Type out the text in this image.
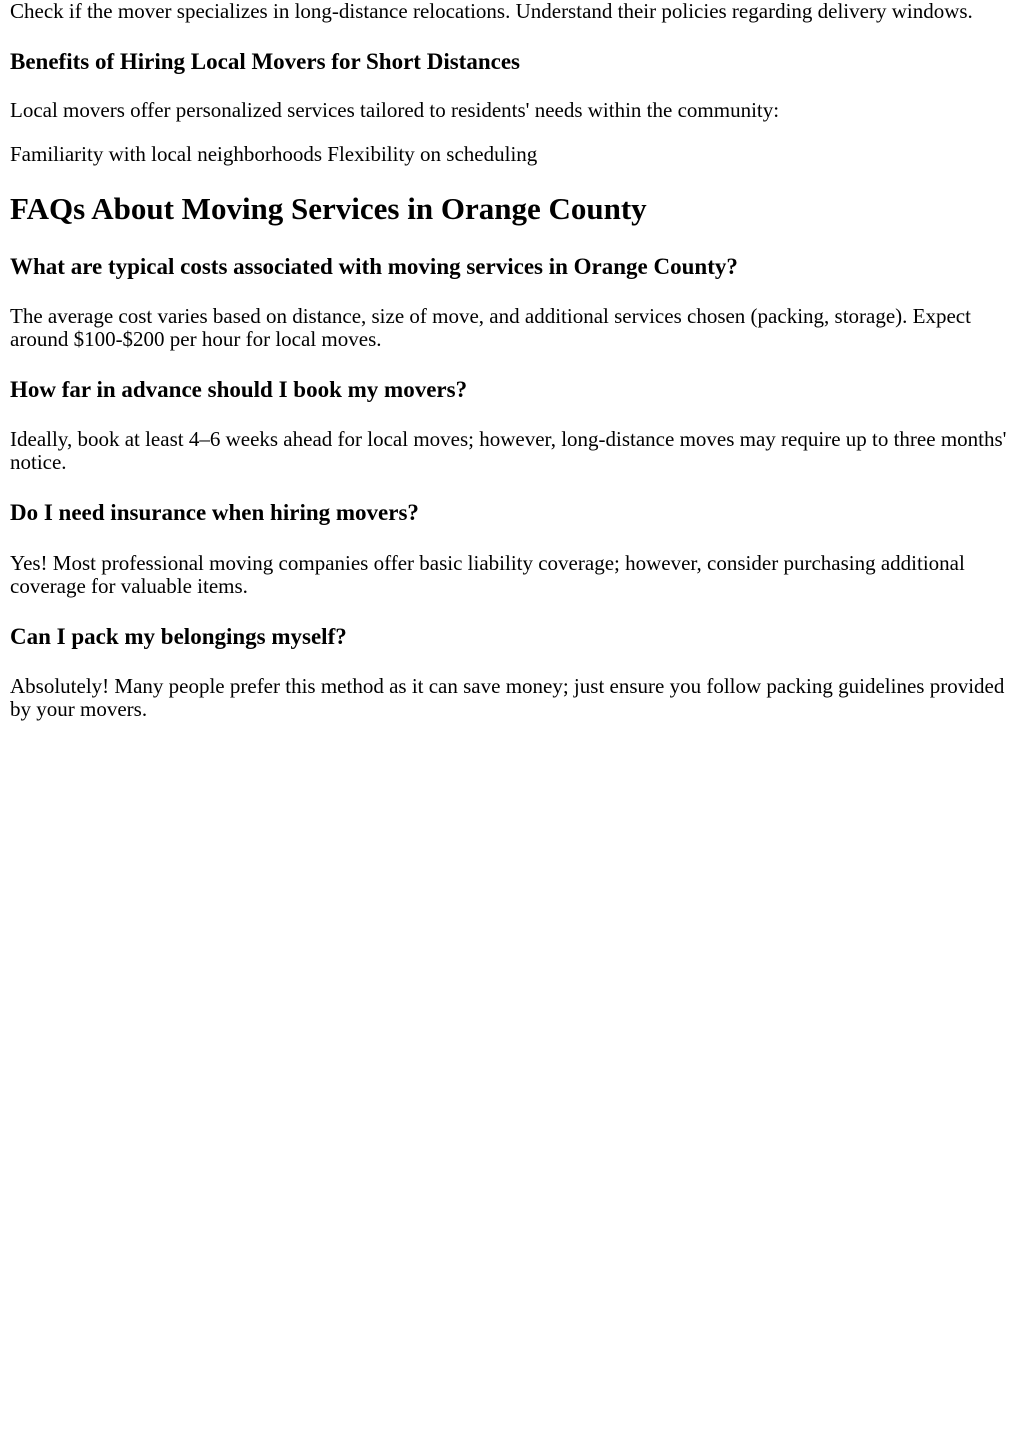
Check if the mover specializes in long-distance relocations. Understand their policies regarding delivery windows.

Benefits of Hiring Local Movers for Short Distances

Local movers offer personalized services tailored to residents' needs within the community:

Familiarity with local neighborhoods Flexibility on scheduling

FAQs About Moving Services in Orange County
What are typical costs associated with moving services in Orange County?

The average cost varies based on distance, size of move, and additional services chosen (packing, storage). Expect around $100-$200 per hour for local moves.

How far in advance should I book my movers?

Ideally, book at least 4–6 weeks ahead for local moves; however, long-distance moves may require up to three months' notice.

Do I need insurance when hiring movers?

Yes! Most professional moving companies offer basic liability coverage; however, consider purchasing additional coverage for valuable items.

Can I pack my belongings myself?

Absolutely! Many people prefer this method as it can save money; just ensure you follow packing guidelines provided by your movers.
